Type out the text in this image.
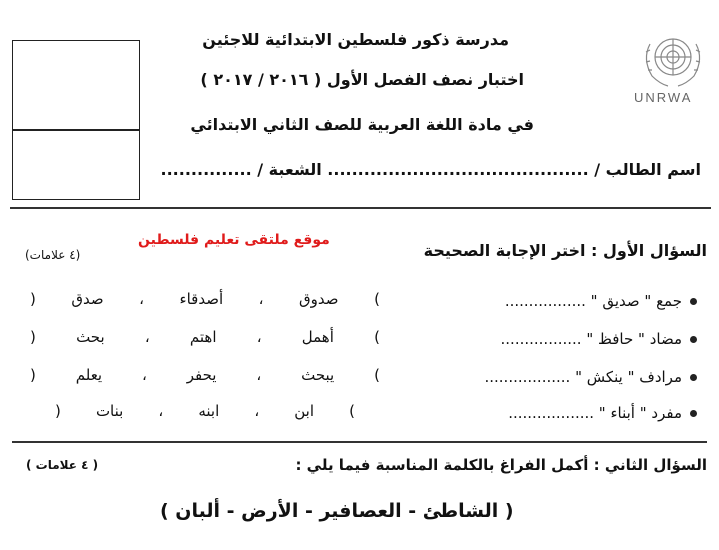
UNRWA
مدرسة ذكور فلسطين الابتدائية للاجئين
اختبار نصف الفصل الأول ( ٢٠١٦ / ٢٠١٧ )
في مادة اللغة العربية للصف الثاني الابتدائي
اسم الطالب / ........................................... الشعبة / ...............
موقع ملتقى تعليم فلسطين
(٤ علامات)	السؤال الأول : اختر الإجابة الصحيحة
جمع " صديق " .................
(
صدوق
،
أصدقاء
،
صدق
)
مضاد " حافظ " .................
(
أهمل
،
اهتم
،
بحث
)
مرادف " ينكش " ..................
(
يبحث
،
يحفر
،
يعلم
)
مفرد " أبناء " ..................
(
ابن
،
ابنه
،
بنات
)
( ٤ علامات )	السؤال الثاني : أكمل الفراغ بالكلمة المناسبة فيما يلي :
( الشاطئ - العصافير - الأرض - ألبان )
